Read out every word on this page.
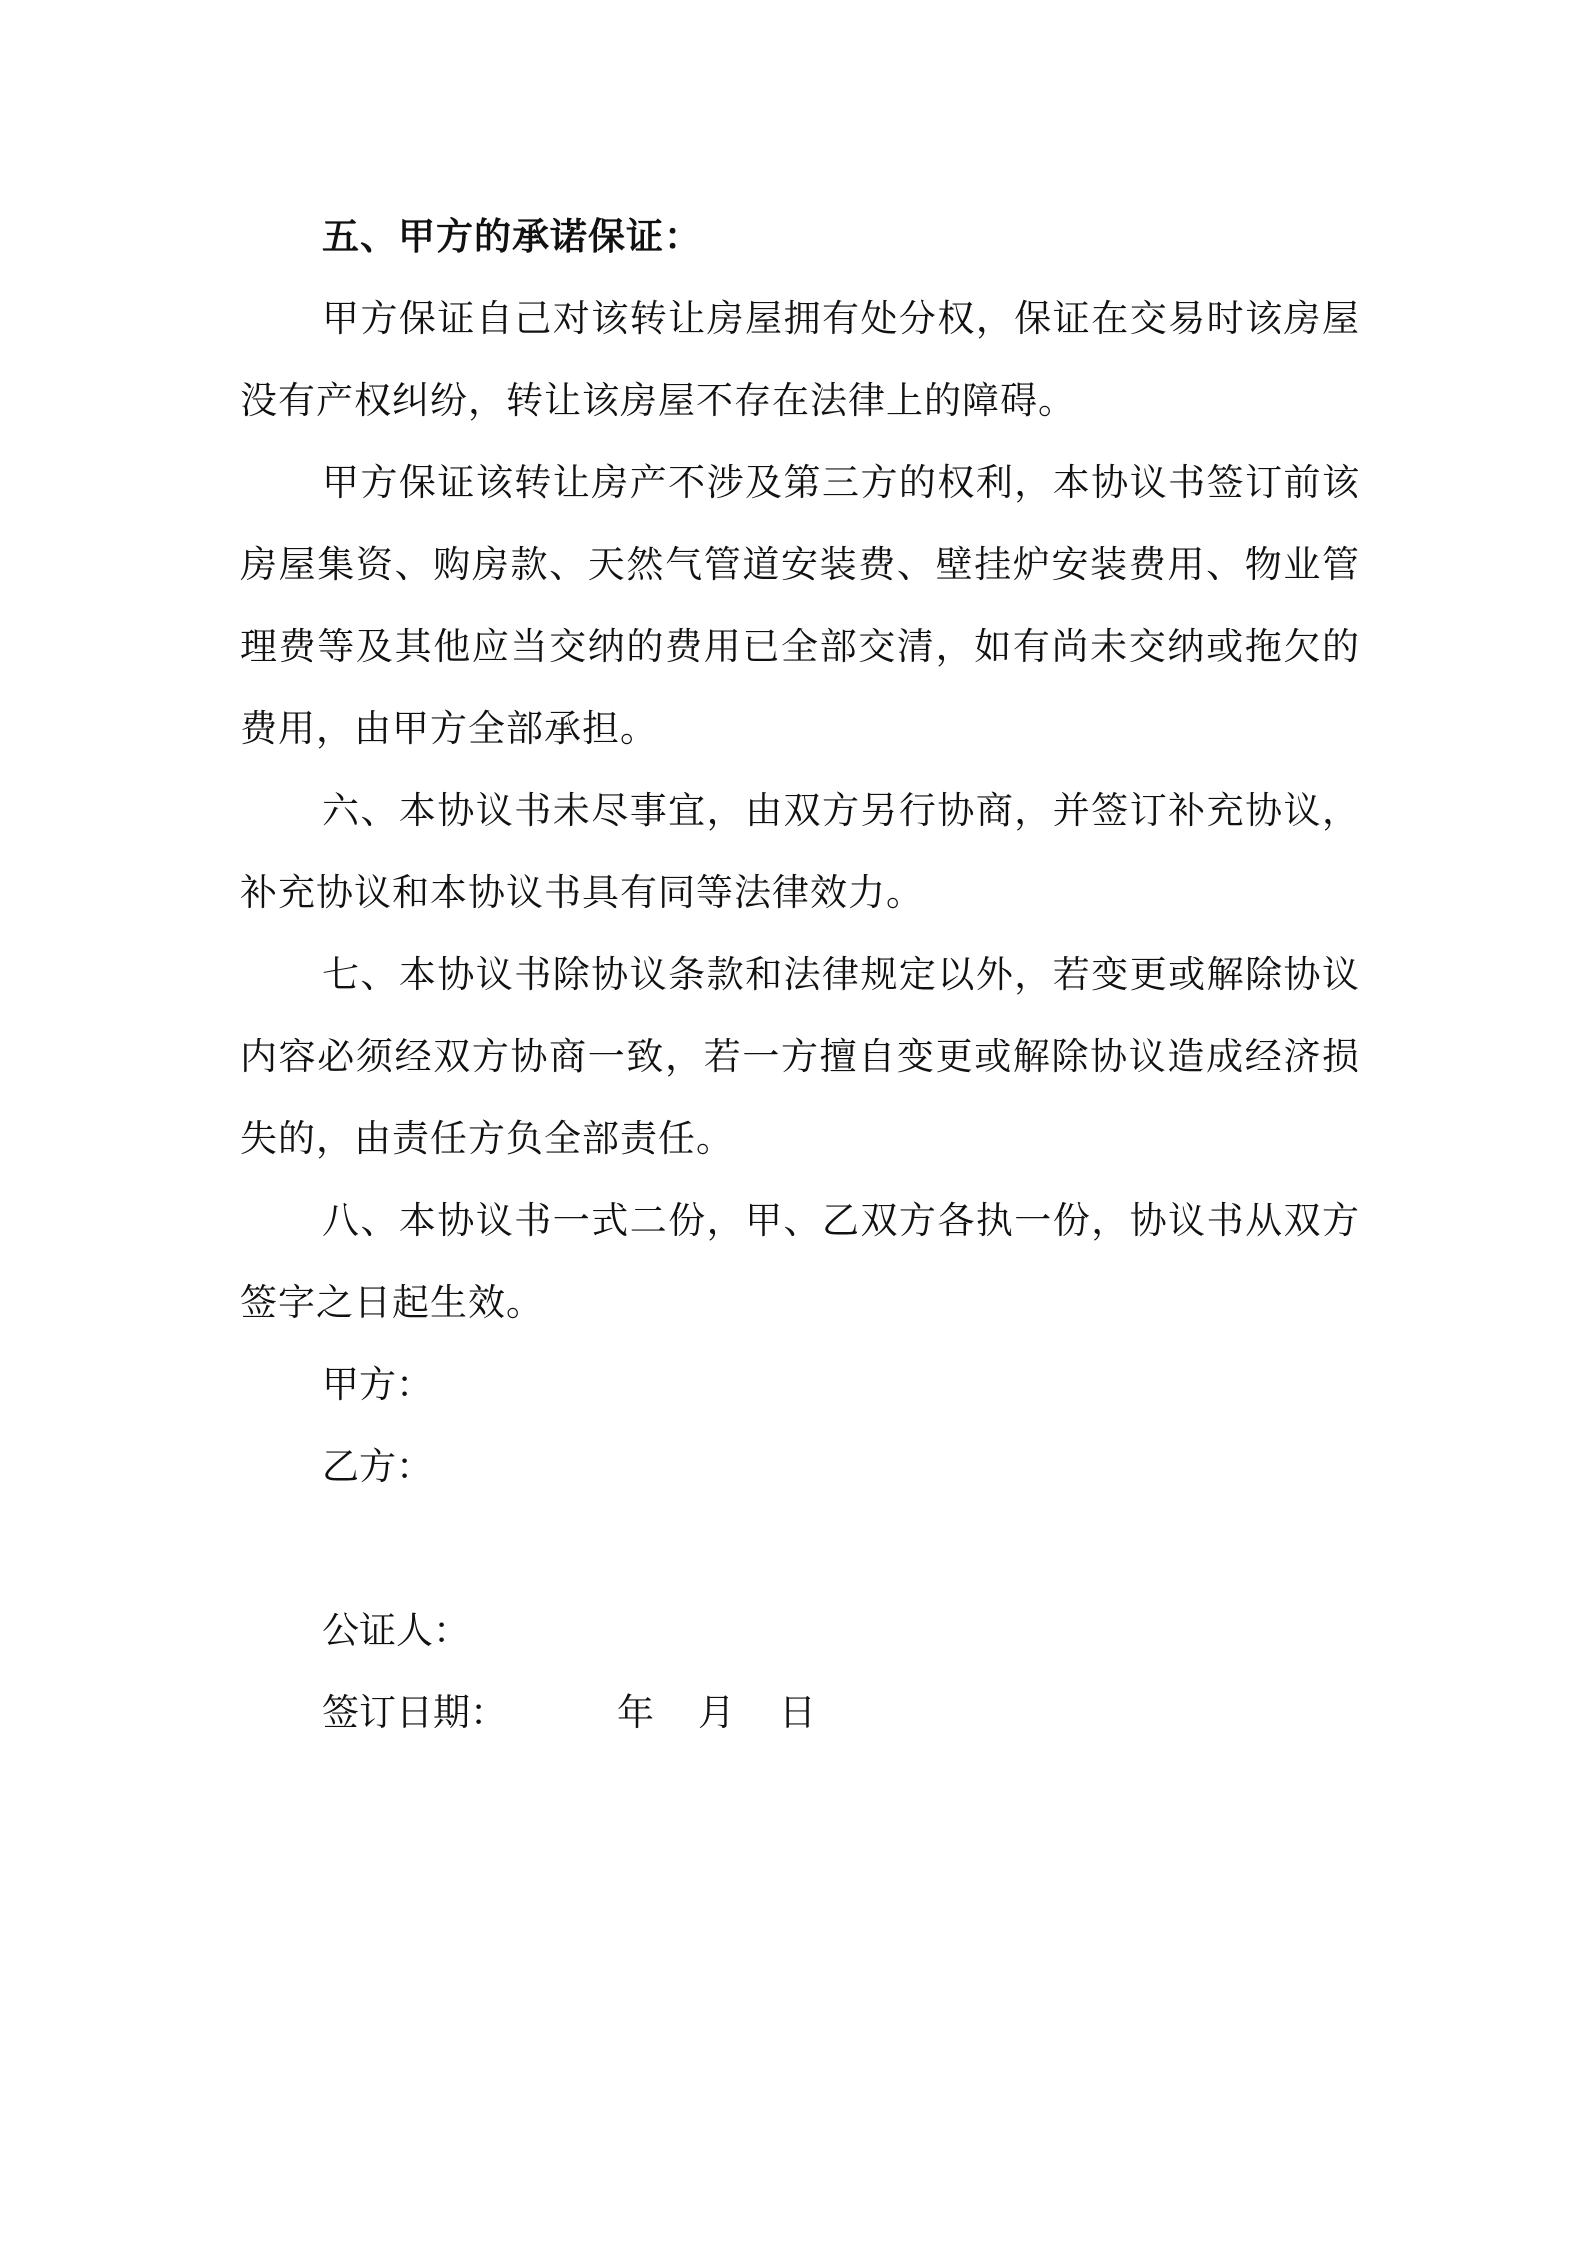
五、甲方的承诺保证：

甲方保证自己对该转让房屋拥有处分权，保证在交易时该房屋没有产权纠纷，转让该房屋不存在法律上的障碍。

甲方保证该转让房产不涉及第三方的权利，本协议书签订前该房屋集资、购房款、天然气管道安装费、壁挂炉安装费用、物业管理费等及其他应当交纳的费用已全部交清，如有尚未交纳或拖欠的费用，由甲方全部承担。

六、本协议书未尽事宜，由双方另行协商，并签订补充协议，补充协议和本协议书具有同等法律效力。

七、本协议书除协议条款和法律规定以外，若变更或解除协议内容必须经双方协商一致，若一方擅自变更或解除协议造成经济损失的，由责任方负全部责任。

八、本协议书一式二份，甲、乙双方各执一份，协议书从双方签字之日起生效。

甲方：

乙方：

公证人：

签订日期：	年 月 日
